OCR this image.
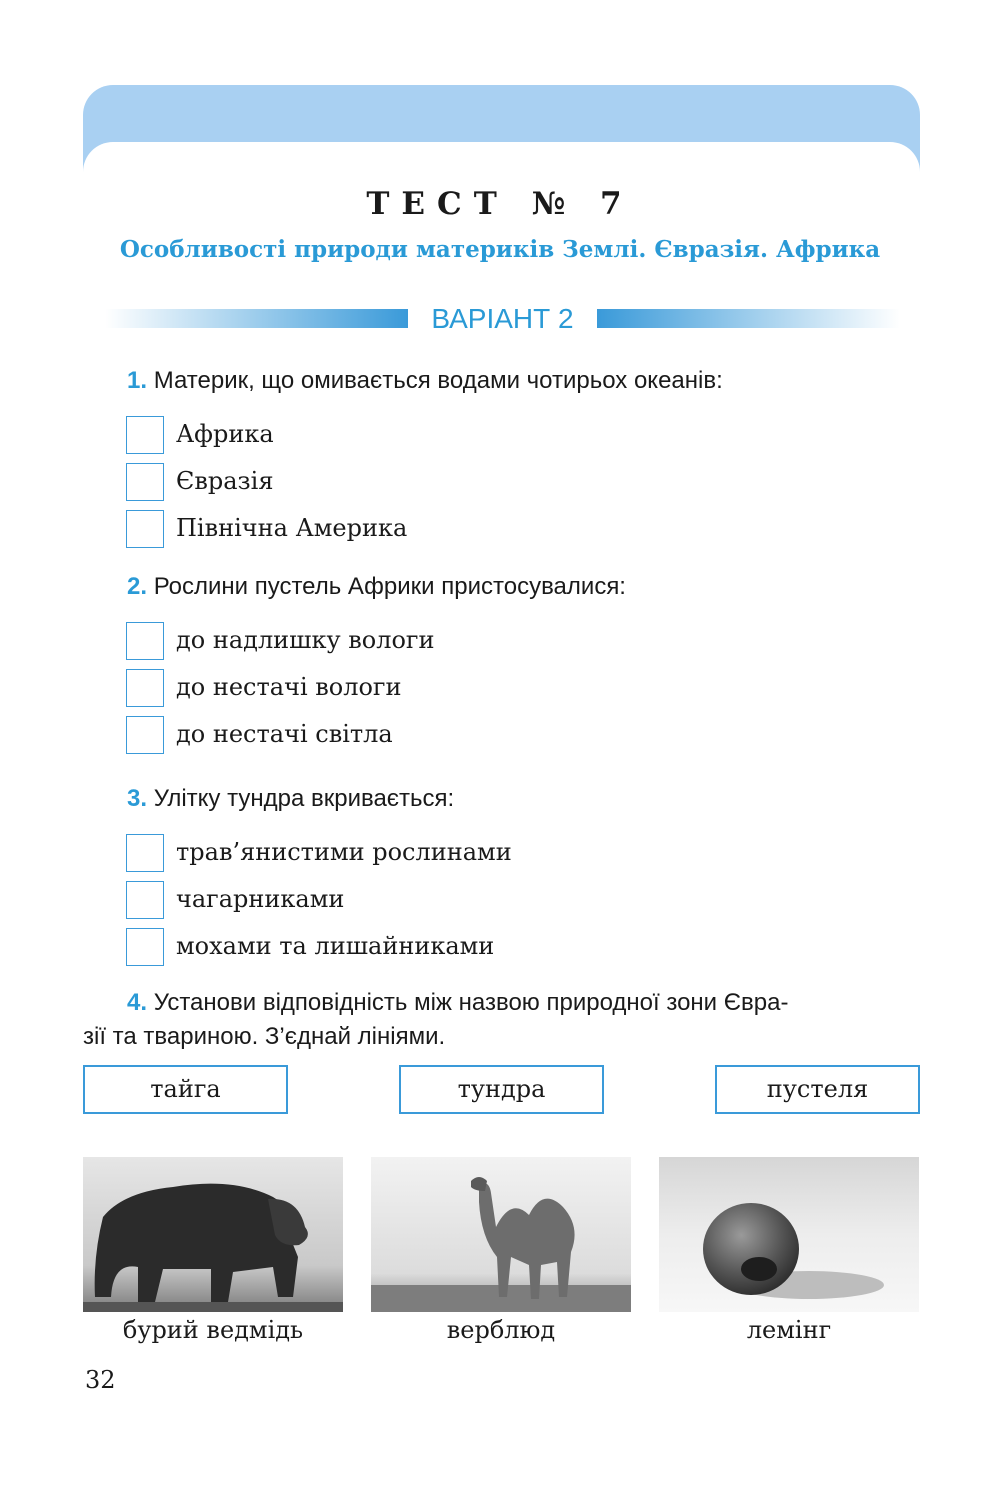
ТЕСТ № 7
Особливості природи материків Землі. Євразія. Африка
ВАРІАНТ 2
1. Материк, що омивається водами чотирьох океанів:
Африка
Євразія
Північна Америка
2. Рослини пустель Африки пристосувалися:
до надлишку вологи
до нестачі вологи
до нестачі світла
3. Улітку тундра вкривається:
трав’янистими рослинами
чагарниками
мохами та лишайниками
4. Установи відповідність між назвою природної зони Євра-
зії та твариною. З’єднай лініями.
тайга	тундра	пустеля
бурий ведмідь	верблюд	лемінг
32
